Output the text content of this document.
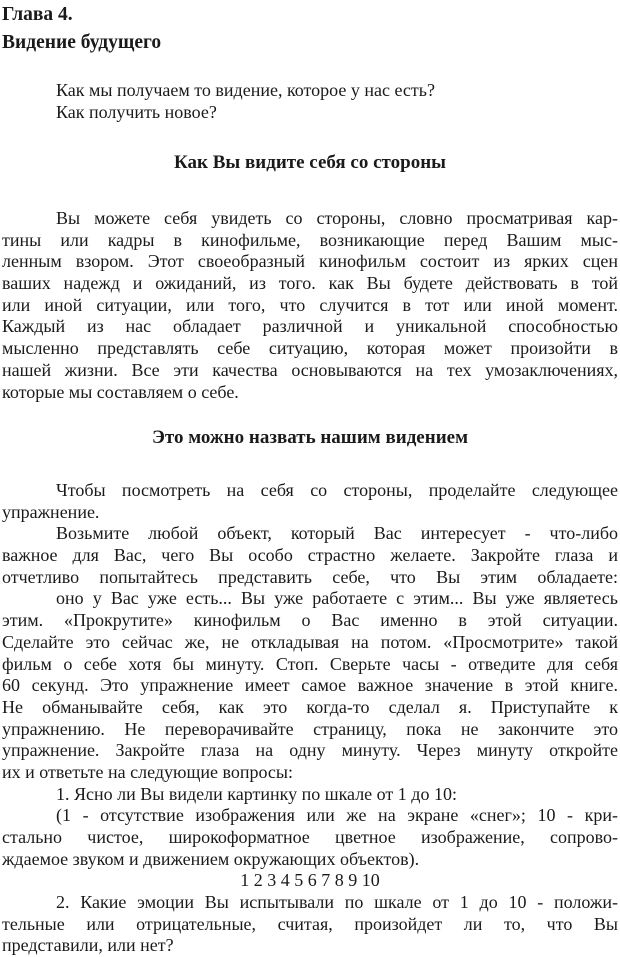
Глава 4.
Видение будущего
Как мы получаем то видение, которое у нас есть?
Как получить новое?
Как Вы видите себя со стороны
Вы можете себя увидеть со стороны, словно просматривая кар-
тины или кадры в кинофильме, возникающие перед Вашим мыс-
ленным взором. Этот своеобразный кинофильм состоит из ярких сцен
ваших надежд и ожиданий, из того. как Вы будете действовать в той
или иной ситуации, или того, что случится в тот или иной момент.
Каждый из нас обладает различной и уникальной способностью
мысленно представлять себе ситуацию, которая может произойти в
нашей жизни. Все эти качества основываются на тех умозаключениях,
которые мы составляем о себе.
Это можно назвать нашим видением
Чтобы посмотреть на себя со стороны, проделайте следующее
упражнение.
Возьмите любой объект, который Вас интересует - что-либо
важное для Вас, чего Вы особо страстно желаете. Закройте глаза и
отчетливо попытайтесь представить себе, что Вы этим обладаете:
оно у Вас уже есть... Вы уже работаете с этим... Вы уже являетесь
этим. «Прокрутите» кинофильм о Вас именно в этой ситуации.
Сделайте это сейчас же, не откладывая на потом. «Просмотрите» такой
фильм о себе хотя бы минуту. Стоп. Сверьте часы - отведите для себя
60 секунд. Это упражнение имеет самое важное значение в этой книге.
Не обманывайте себя, как это когда-то сделал я. Приступайте к
упражнению. Не переворачивайте страницу, пока не закончите это
упражнение. Закройте глаза на одну минуту. Через минуту откройте
их и ответьте на следующие вопросы:
1. Ясно ли Вы видели картинку по шкале от 1 до 10:
(1 - отсутствие изображения или же на экране «снег»; 10 - кри-
стально чистое, широкоформатное цветное изображение, сопрово-
ждаемое звуком и движением окружающих объектов).
1 2 3 4 5 6 7 8 9 10
2. Какие эмоции Вы испытывали по шкале от 1 до 10 - положи-
тельные или отрицательные, считая, произойдет ли то, что Вы
представили, или нет?
